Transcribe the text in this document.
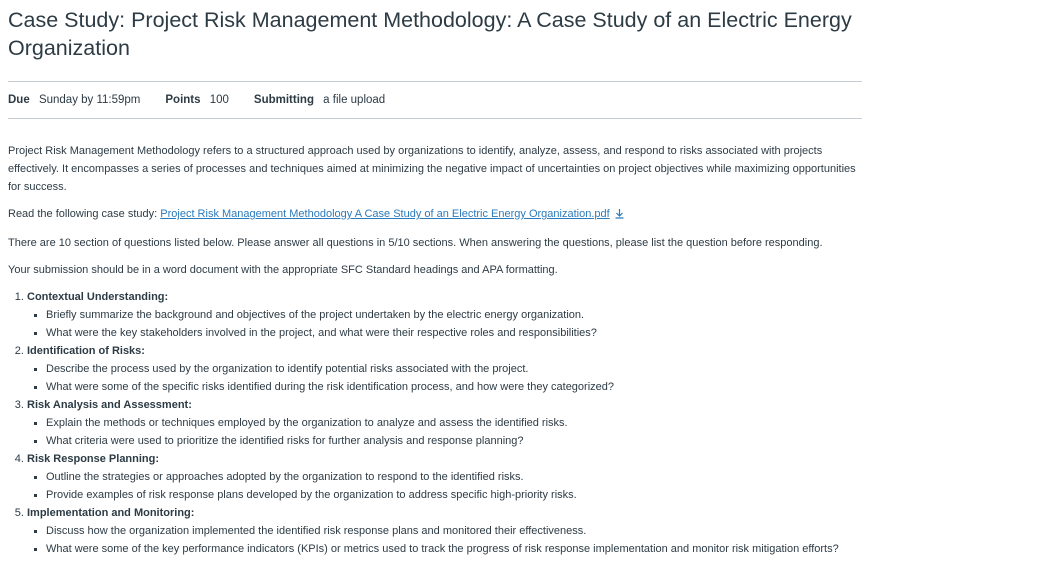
Case Study: Project Risk Management Methodology: A Case Study of an Electric Energy Organization
Due Sunday by 11:59pm Points 100 Submitting a file upload

Project Risk Management Methodology refers to a structured approach used by organizations to identify, analyze, assess, and respond to risks associated with projects effectively. It encompasses a series of processes and techniques aimed at minimizing the negative impact of uncertainties on project objectives while maximizing opportunities for success.

Read the following case study: Project Risk Management Methodology A Case Study of an Electric Energy Organization.pdf

There are 10 section of questions listed below. Please answer all questions in 5/10 sections. When answering the questions, please list the question before responding.

Your submission should be in a word document with the appropriate SFC Standard headings and APA formatting.

1. Contextual Understanding:
Briefly summarize the background and objectives of the project undertaken by the electric energy organization.
What were the key stakeholders involved in the project, and what were their respective roles and responsibilities?
2. Identification of Risks:
Describe the process used by the organization to identify potential risks associated with the project.
What were some of the specific risks identified during the risk identification process, and how were they categorized?
3. Risk Analysis and Assessment:
Explain the methods or techniques employed by the organization to analyze and assess the identified risks.
What criteria were used to prioritize the identified risks for further analysis and response planning?
4. Risk Response Planning:
Outline the strategies or approaches adopted by the organization to respond to the identified risks.
Provide examples of risk response plans developed by the organization to address specific high-priority risks.
5. Implementation and Monitoring:
Discuss how the organization implemented the identified risk response plans and monitored their effectiveness.
What were some of the key performance indicators (KPIs) or metrics used to track the progress of risk response implementation and monitor risk mitigation efforts?
